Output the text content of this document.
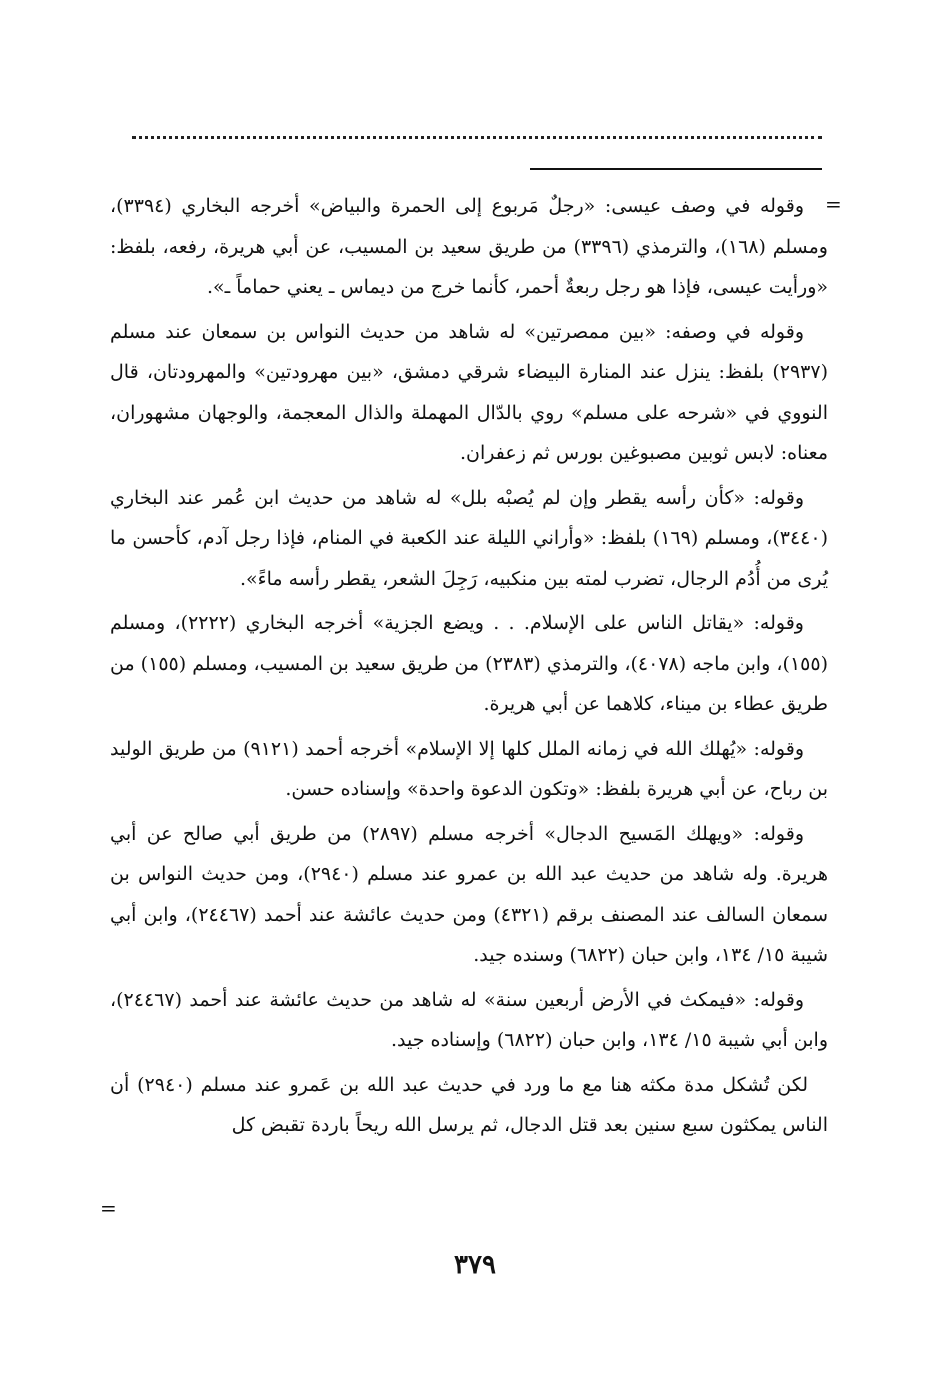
=

وقوله في وصف عيسى: «رجلٌ مَربوع إلى الحمرة والبياض» أخرجه البخاري (٣٣٩٤)، ومسلم (١٦٨)، والترمذي (٣٣٩٦) من طريق سعيد بن المسيب، عن أبي هريرة، رفعه، بلفظ: «ورأيت عيسى، فإذا هو رجل ربعةٌ أحمر، كأنما خرج من ديماس ـ يعني حماماً ـ».

وقوله في وصفه: «بين ممصرتين» له شاهد من حديث النواس بن سمعان عند مسلم (٢٩٣٧) بلفظ: ينزل عند المنارة البيضاء شرقي دمشق، «بين مهرودتين» والمهرودتان، قال النووي في «شرحه على مسلم» روي بالدّال المهملة والذال المعجمة، والوجهان مشهوران، معناه: لابس ثوبين مصبوغين بورس ثم زعفران.

وقوله: «كأن رأسه يقطر وإن لم يُصبْه بلل» له شاهد من حديث ابن عُمر عند البخاري (٣٤٤٠)، ومسلم (١٦٩) بلفظ: «وأراني الليلة عند الكعبة في المنام، فإذا رجل آدم، كأحسن ما يُرى من أُدُم الرجال، تضرب لمته بين منكبيه، رَجِلَ الشعر، يقطر رأسه ماءً».

وقوله: «يقاتل الناس على الإسلام. . . ويضع الجزية» أخرجه البخاري (٢٢٢٢)، ومسلم (١٥٥)، وابن ماجه (٤٠٧٨)، والترمذي (٢٣٨٣) من طريق سعيد بن المسيب، ومسلم (١٥٥) من طريق عطاء بن ميناء، كلاهما عن أبي هريرة.

وقوله: «يُهلك الله في زمانه الملل كلها إلا الإسلام» أخرجه أحمد (٩١٢١) من طريق الوليد بن رباح، عن أبي هريرة بلفظ: «وتكون الدعوة واحدة» وإسناده حسن.

وقوله: «ويهلك المَسيح الدجال» أخرجه مسلم (٢٨٩٧) من طريق أبي صالح عن أبي هريرة. وله شاهد من حديث عبد الله بن عمرو عند مسلم (٢٩٤٠)، ومن حديث النواس بن سمعان السالف عند المصنف برقم (٤٣٢١) ومن حديث عائشة عند أحمد (٢٤٤٦٧)، وابن أبي شيبة ١٥/ ١٣٤، وابن حبان (٦٨٢٢) وسنده جيد.

وقوله: «فيمكث في الأرض أربعين سنة» له شاهد من حديث عائشة عند أحمد (٢٤٤٦٧)، وابن أبي شيبة ١٥/ ١٣٤، وابن حبان (٦٨٢٢) وإسناده جيد.

لكن تُشكل مدة مكثه هنا مع ما ورد في حديث عبد الله بن عَمرو عند مسلم (٢٩٤٠) أن الناس يمكثون سبع سنين بعد قتل الدجال، ثم يرسل الله ريحاً باردة تقبض كل

=
٣٧٩
